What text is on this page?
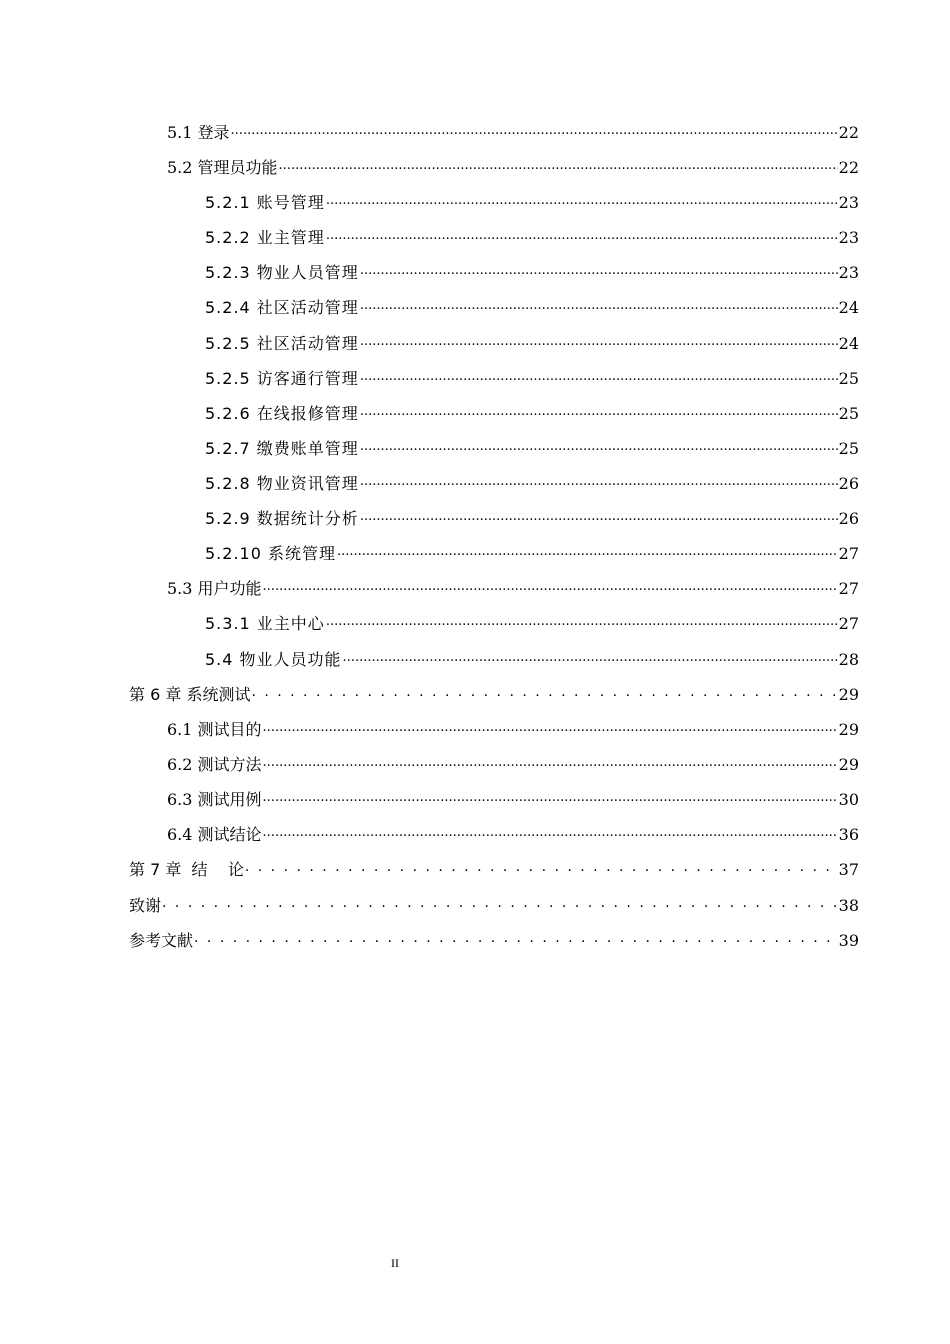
5.1 登录 .....	22
5.2 管理员功能 .....	22
5.2.1 账号管理 .....	23
5.2.2 业主管理 .....	23
5.2.3 物业人员管理 .....	23
5.2.4 社区活动管理 .....	24
5.2.5 社区活动管理 .....	24
5.2.5 访客通行管理 .....	25
5.2.6 在线报修管理 .....	25
5.2.7 缴费账单管理 .....	25
5.2.8 物业资讯管理 .....	26
5.2.9 数据统计分析 .....	26
5.2.10 系统管理 .....	27
5.3 用户功能 .....	27
5.3.1 业主中心 .....	27
5.4 物业人员功能 .....	28
第 6 章 系统测试 . . .	29
6.1 测试目的 .....	29
6.2 测试方法 .....	29
6.3 测试用例 .....	30
6.4 测试结论 .....	36
第 7 章  结    论 . . .	37
致谢 . . .	38
参考文献 . . .	39
II
